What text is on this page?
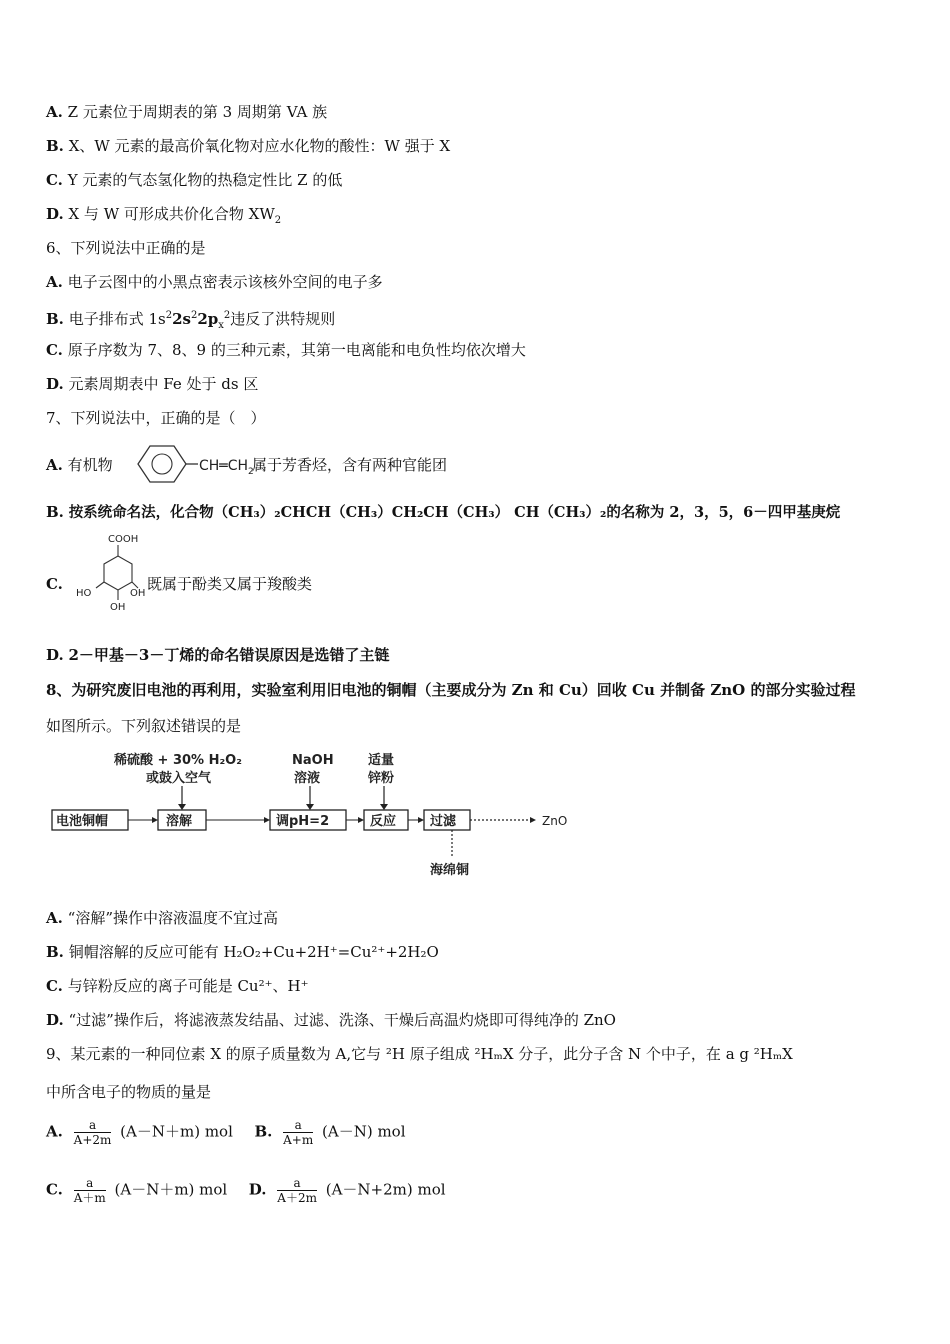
A. Z 元素位于周期表的第 3 周期第 VA 族
B. X、W 元素的最高价氧化物对应水化物的酸性：W 强于 X
C. Y 元素的气态氢化物的热稳定性比 Z 的低
D. X 与 W 可形成共价化合物 $XW_2$
6、下列说法中正确的是
A. 电子云图中的小黑点密表示该核外空间的电子多
B. 电子排布式 $1s^22s^22p_x^2$违反了洪特规则
C. 原子序数为 7、8、9 的三种元素，其第一电离能和电负性均依次增大
D. 元素周期表中 Fe 处于 ds 区
7、下列说法中，正确的是（　）
A. 有机物	$CH═CH_2$
属于芳香烃，含有两种官能团
B. 按系统命名法，化合物（CH₃）₂CHCH（CH₃）CH₂CH（CH₃） CH（CH₃）₂的名称为 2，3，5，6－四甲基庚烷
C.
COOH
HO	OH
OH
既属于酚类又属于羧酸类
D. 2－甲基－3－丁烯的命名错误原因是选错了主链
8、为研究废旧电池的再利用，实验室利用旧电池的铜帽（主要成分为 Zn 和 Cu）回收 Cu 并制备 ZnO 的部分实验过程
如图所示。下列叙述错误的是
稀硫酸 + 30% H₂O₂
或鼓入空气
NaOH
溶液
适量
锌粉
电池铜帽	溶解	调pH=2	反应	过滤	ZnO
海绵铜
A. “溶解”操作中溶液温度不宜过高
B. 铜帽溶解的反应可能有 H₂O₂+Cu+2H⁺=Cu²⁺+2H₂O
C. 与锌粉反应的离子可能是 Cu²⁺、H⁺
D. “过滤”操作后，将滤液蒸发结晶、过滤、洗涤、干燥后高温灼烧即可得纯净的 ZnO
9、某元素的一种同位素 X 的原子质量数为 A,它与 ²H 原子组成 ²HₘX 分子，此分子含 N 个中子，在 a g ²HₘX
中所含电子的物质的量是
A. $\frac{a}{A+2m} (A-N+m)$ mol B. $\frac{a}{A+m} (A-N)$ mol
C. $\frac{a}{A+m} (A-N+m)$ mol D. $\frac{a}{A+2m} (A-N+2m)$ mol
